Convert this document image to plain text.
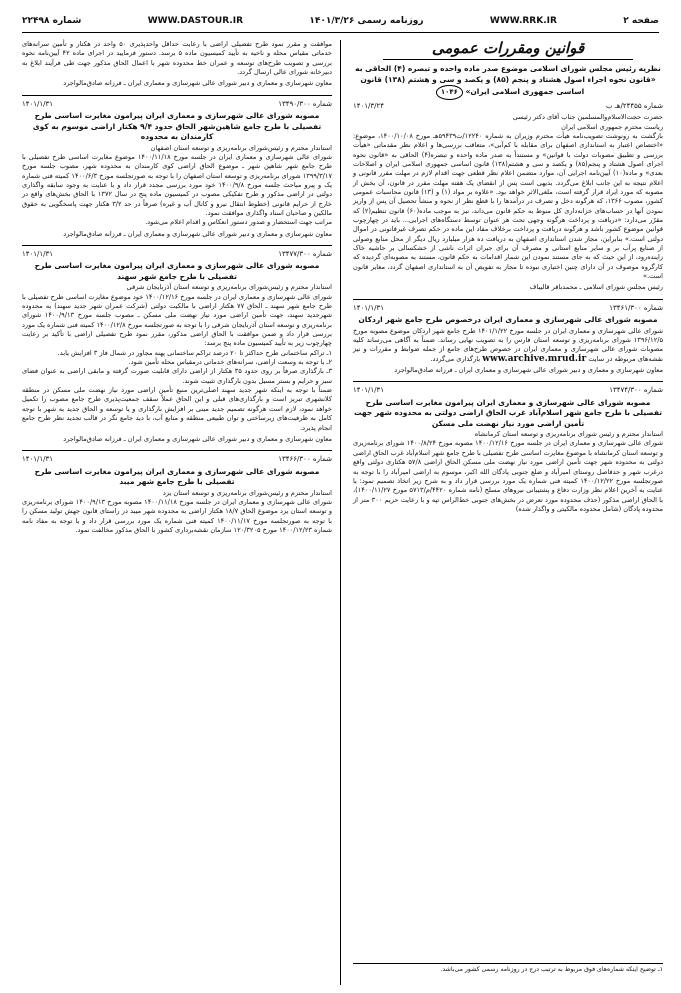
صفحه ۲
WWW.RRK.IR
روزنامه رسمی ۱۴۰۱/۳/۲۶
WWW.DASTOUR.IR
شماره ۲۲۴۹۸
قوانین ومقررات عمومی
نظریه رئیس مجلس شورای اسلامی موضوع صدر ماده واحده و تبصره (۴) الحاقی به «قانون نحوه اجراء اصول هشتاد و پنجم (۸۵) و یکصد و سی و هشتم (۱۳۸) قانون اساسی جمهوری اسلامی ایران» ۱۰۴۶
شماره ۲۴۴۵۵/هـ ب
۱۴۰۱/۳/۲۴

حضرت حجت‌الاسلام‌والمسلمین جناب آقای دکتر رئیسی

ریاست محترم جمهوری اسلامی ایران

بازگشت به رونوشت تصویب‌نامه هیأت محترم وزیران به شماره ۱۲۲۴۰/ت۵۹۴۳۹هـ مورخ ۱۴۰۰/۱۰/۰۸، موضوع: «اختصاص اعتبار به استانداری اصفهان برای مقابله با کم‌آبی»، متعاقب بررسی‌ها و اعلام نظر مقدماتی «هیأت بررسی و تطبیق مصوبات دولت با قوانین» و مستنداً به صدر ماده واحده و تبصره(۴) الحاقی به «قانون نحوه اجرای اصول هشتاد و پنجم(۸۵) و یکصد و سی و هشتم(۱۳۸) قانون اساسی جمهوری اسلامی ایران و اصلاحات بعدی» و ماده(۱۰) آیین‌نامه اجرایی آن، موارد متضمن اعلام نظر قطعی جهت اقدام لازم در مهلت مقرر قانونی و اعلام نتیجه به این جانب ابلاغ می‌گردد. بدیهی است پس از انقضای یک هفته مهلت مقرر در قانون، آن بخش از مصوبه که مورد ایراد قرار گرفته است، ملغی‌الاثر خواهد بود. «علاوه بر مواد (۱) و (۱۳) قانون محاسبات عمومی کشور، مصوب ۱۳۶۶، که هرگونه دخل و تصرف در درآمدها را با قطع نظر از نحوه و منشأ تحصیل آن پس از واریز نمودن آنها در حساب‌های خزانه‌داری کل منوط به حکم قانون می‌داند، نیز به موجب ماده(۶۰) قانون تنظیم(۲) که مقرّر می‌دارد: «دریافت و پرداخت هرگونه وجهی تحت هر عنوان توسط دستگاه‌های اجرایی... باید در چهارچوب قوانین موضوع کشور باشد و هرگونه دریافت و پرداخت برخلاف مفاد این ماده در حکم تصرف غیرقانونی در اموال دولتی است.» بنابراین، مجاز شدن استانداری اصفهان به دریافت ده هزار میلیارد ریال دیگر از محل منابع وصولی از صنایع پرآب بر و سایر منابع استانی و مصرف آن برای جبران اثرات ناشی از خشکسالی بر حاشیه خاک زاینده‌رود، از این حیث که به جای مستند نمودن این شمار اقدامات به حکم قانون، مستند به مصوبه‌ای گردیده که کارگروه موصوف در آن دارای چنین اختیاری نبوده تا مجاز به تفویض آن به استانداری اصفهان گردد، مغایر قانون است.»

رئیس مجلس شورای اسلامی ـ محمدباقر قالیباف

شماره ۱۳۴۶۱/۳۰۰
۱۴۰۱/۱/۳۱
مصوبه شورای عالی شهرسازی و معماری ایران درخصوص طرح جامع شهر اردکان

شورای عالی شهرسازی و معماری ایران در جلسه مورخ ۱۴۰۱/۱/۲۲ طرح جامع شهر اردکان موضوع مصوبه مورخ ۱۳۹۶/۱۲/۵ شورای برنامه‌ریزی و توسعه استان فارس را به تصویب نهایی رساند. ضمناً به آگاهی می‌رساند کلیه مصوبات شورای عالی شهرسازی و معماری ایران در خصوص طرح‌های جامع از جمله ضوابط و مقررات و نیز نقشه‌های مربوطه در سایت www.archive.mrud.ir بارگذاری می‌گردد.

معاون شهرسازی و معماری و دبیر شورای عالی شهرسازی و معماری ایران ـ فرزانه صادق‌مالواجرد

شماره ۱۳۴۷۴/۳۰۰
۱۴۰۱/۱/۳۱
مصوبه شورای عالی شهرسازی و معماری ایران پیرامون مغایرت اساسی طرح تفصیلی با طرح جامع شهر اسلام‌آباد غرب الحاق اراضی دولتی به محدوده شهر جهت تأمین اراضی مورد نیاز نهضت ملی مسکن

استاندار محترم و رئیس شورای برنامه‌ریزی و توسعه استان کرمانشاه

شورای عالی شهرسازی و معماری ایران در جلسه مورخ ۱۴۰۰/۱۲/۱۶ مصوبه مورخ ۱۴۰۰/۸/۲۴ شورای برنامه‌ریزی و توسعه استان کرمانشاه با موضوع مغایرت اساسی طرح تفصیلی با طرح جامع شهر اسلام‌آباد غرب الحاق اراضی دولتی به محدوده شهر جهت تأمین اراضی مورد نیاز نهضت ملی مسکن الحاق اراضی ۵۷/۸ هکتاری دولتی واقع درغرب شهر و حدفاصل روستای امیرآباد و ضلع جنوبی پادگان الله اکبر، موسوم به اراضی امیرآباد را با توجه به صورتجلسه مورخ ۱۴۰۰/۱۲/۲۲ کمیته فنی شماره یک مورد بررسی قرار داد و به شرح زیر اتخاذ تصمیم نمود: با عنایت به آخرین اعلام نظر وزارت دفاع و پشتیبانی نیروهای مسلح (نامه شماره ۴۴۲۰/م/۵۷۱۳ مورخ ۱۴۰۰/۱۱/۲۷)، با الحاق اراضی مذکور (حذف محدوده مورد تعرض در بخش‌های جنوبی خط‌الراس تپه و با رعایت حریم ۳۰۰ متر از محدوده پادگان (شامل محدوده مالکیتی و واگذار شده)

۱ـ توضیح اینکه شماره‌های فوق مربوط به ترتیب درج در روزنامه رسمی کشور می‌باشد.

موافقت و مقرر نمود طرح تفصیلی اراضی با رعایت حداقل واحدپذیری ۵۰ واحد در هکتار و تأمین سرانه‌های خدماتی مقیاس محله و ناحیه به تأیید کمیسیون ماده ۵ برسد. دستور فرمایید در اجرای ماده ۴۲ آیین‌نامه نحوه بررسی و تصویب طرح‌های توسعه و عمران خط محدوده شهر با اعمال الحاق مذکور جهت طی فرآیند ابلاغ به دبیرخانه شورای عالی ارسال گردد.

معاون شهرسازی و معماری و دبیر شورای عالی شهرسازی و معماری ایران ـ فرزانه صادق‌مالواجرد

شماره ۱۳۴۹۰/۳۰۰
۱۴۰۱/۱/۳۱
مصوبه شورای عالی شهرسازی و معماری ایران پیرامون مغایرت اساسی طرح تفصیلی با طرح جامع شاهین‌شهر الحاق حدود ۹/۴ هکتار اراضی موسوم به کوی کارمندان به محدوده

استاندار محترم و رئیس‌شورای برنامه‌ریزی و توسعه استان اصفهان

شورای عالی شهرسازی و معماری ایران در جلسه مورخ ۱۴۰۰/۱۱/۱۸ موضوع مغایرت اساسی طرح تفصیلی با طرح جامع شهر شاهین شهر ـ موضوع الحاق اراضی کوی کارمندان به محدوده شهر، مصوب جلسه مورخ ۱۳۹۹/۳/۱۷ شورای برنامه‌ریزی و توسعه استان اصفهان را با توجه به صورتجلسه مورخ ۱۴۰۰/۶/۳ کمیته فنی شماره یک و پیرو مباحث جلسه مورخ ۱۴۰۰/۹/۸ خود مورد بررسی مجدد قرار داد و با عنایت به وجود سابقه واگذاری دولتی در اراضی مذکور و طرح تفکیکی مصوب در کمیسیون ماده پنج در سال ۱۳۷۲ با الحاق بخش‌های واقع در خارج از حرایم قانونی (خطوط انتقال نیرو و کانال آب و غیره) صرفاً در حد ۳/۲ هکتار جهت پاسخگویی به حقوق مالکین و صاحبان اسناد واگذاری موافقت نمود.

مراتب جهت استحضار و صدور دستور انعکاس و اقدام اعلام می‌شود.

معاون شهرسازی و معماری و دبیر شورای عالی شهرسازی و معماری ایران ـ فرزانه صادق‌مالواجرد

شماره ۱۳۴۷۷/۳۰۰
۱۴۰۱/۱/۳۱
مصوبه شورای عالی شهرسازی و معماری ایران پیرامون مغایرت اساسی طرح تفصیلی با طرح جامع شهر سهند

استاندار محترم و رئیس‌شورای برنامه‌ریزی و توسعه استان آذربایجان شرقی

شورای عالی شهرسازی و معماری ایران در جلسه مورخ ۱۴۰۰/۱۲/۱۶ خود موضوع مغایرت اساسی طرح تفصیلی با طرح جامع شهر سهند ـ الحاق ۷۷ هکتار اراضی با مالکیت دولتی (شرکت عمران شهر جدید سهند) به محدوده شهرجدید سهند، جهت تأمین اراضی مورد نیاز نهضت ملی مسکن ـ مصوب جلسه مورخ ۱۴۰۰/۹/۱۳ شورای برنامه‌ریزی و توسعه استان آذربایجان شرقی را با توجه به صورتجلسه مورخ ۱۴۰۰/۱۲/۸ کمیته فنی شماره یک مورد بررسی قرار داد و ضمن موافقت با الحاق اراضی مذکور، مقرر نمود طرح تفصیلی اراضی با تأکید بر رعایت چهارچوب زیر به تأیید کمیسیون ماده پنج برسد:

۱ـ تراکم ساختمانی طرح حداکثر تا ۲۰ درصد تراکم ساختمانی پهنه مجاور در شمال فاز ۳ افزایش یابد.

۲ـ با توجه به وسعت اراضی، سرانه‌های خدماتی درمقیاس محله تأمین شود.

۳ـ بارگذاری صرفاً بر روی حدود ۳۵ هکتار از اراضی دارای قابلیت صورت گرفته و مابقی اراضی به عنوان فضای سبز و حرایم و بستر مسیل بدون بارگذاری تثبیت شوند.

ضمناً با توجه به اینکه شهر جدید سهند اصلی‌ترین منبع تأمین اراضی مورد نیاز نهضت ملی مسکن در منطقه کلانشهری تبریز است و بارگذاری‌های قبلی و این الحاق عملاً سقف جمعیت‌پذیری طرح جامع مصوب را تکمیل خواهد نمود، لازم است هرگونه تصمیم جدید مبنی بر افزایش بارگذاری و یا توسعه و الحاق جدید به شهر با توجه کامل به ظرفیت‌های زیرساختی و توان طبیعی منطقه و منابع آب، با دید جامع نگر در قالب تجدید نظر طرح جامع انجام پذیرد.

معاون شهرسازی و معماری و دبیر شورای عالی شهرسازی و معماری ایران ـ فرزانه صادق‌مالواجرد

شماره ۱۳۴۶۶/۳۰۰
۱۴۰۱/۱/۳۱
مصوبه شورای عالی شهرسازی و معماری ایران پیرامون مغایرت اساسی طرح تفصیلی با طرح جامع شهر میبد

استاندار محترم و رئیس‌شورای برنامه‌ریزی و توسعه استان یزد

شورای عالی شهرسازی و معماری ایران در جلسه مورخ ۱۴۰۰/۱۱/۱۸ مصوبه مورخ ۱۴۰۰/۹/۱۳ شورای برنامه‌ریزی و توسعه استان یزد موضوع الحاق ۱۸/۷ هکتار اراضی به محدوده شهر میبد در راستای قانون جهش تولید مسکن را با توجه به صورتجلسه مورخ ۱۴۰۰/۱۱/۱۷ کمیته فنی شماره یک مورد بررسی قرار داد و با توجه به مفاد نامه شماره ۱۴۰۰/۱۲/۲۳ مورخ ۱۲۰/۳۲۰۵ سازمان نقشه‌برداری کشور با الحاق مذکور مخالفت نمود.
